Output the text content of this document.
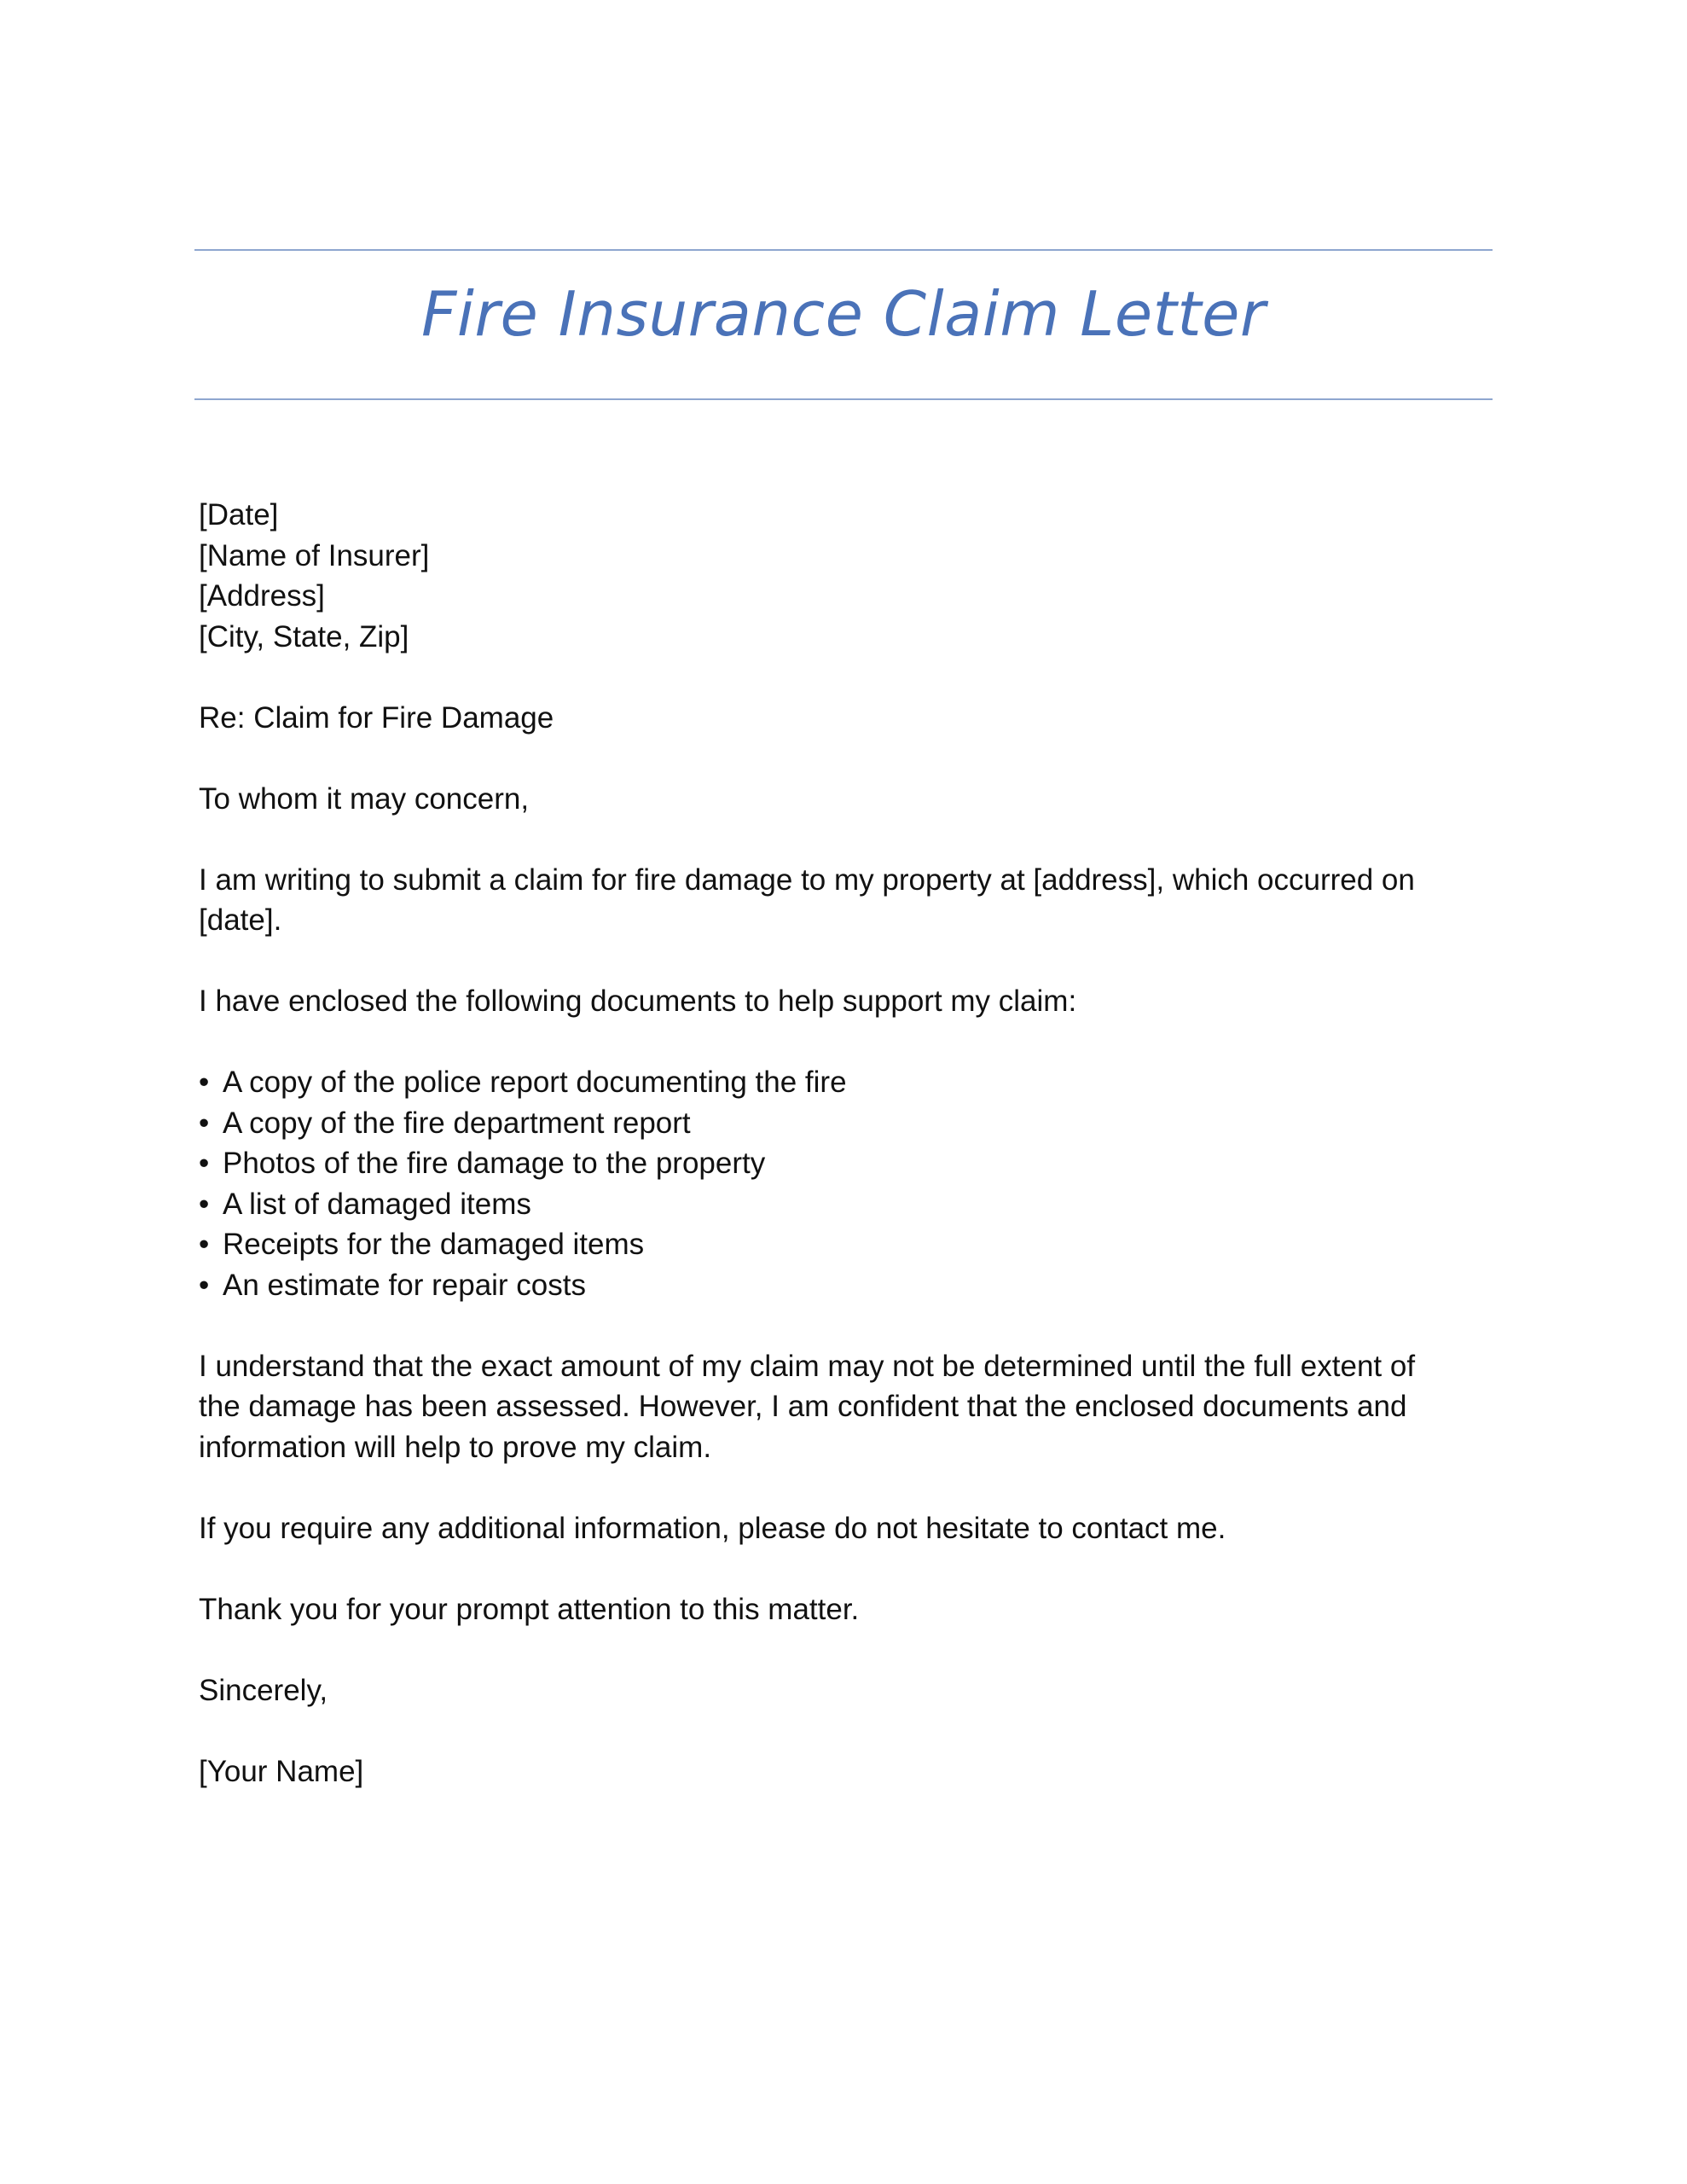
Fire Insurance Claim Letter
[Date]
[Name of Insurer]
[Address]
[City, State, Zip]
Re: Claim for Fire Damage
To whom it may concern,
I am writing to submit a claim for fire damage to my property at [address], which occurred on
[date].
I have enclosed the following documents to help support my claim:
• A copy of the police report documenting the fire
• A copy of the fire department report
• Photos of the fire damage to the property
• A list of damaged items
• Receipts for the damaged items
• An estimate for repair costs
I understand that the exact amount of my claim may not be determined until the full extent of
the damage has been assessed. However, I am confident that the enclosed documents and
information will help to prove my claim.
If you require any additional information, please do not hesitate to contact me.
Thank you for your prompt attention to this matter.
Sincerely,
[Your Name]
